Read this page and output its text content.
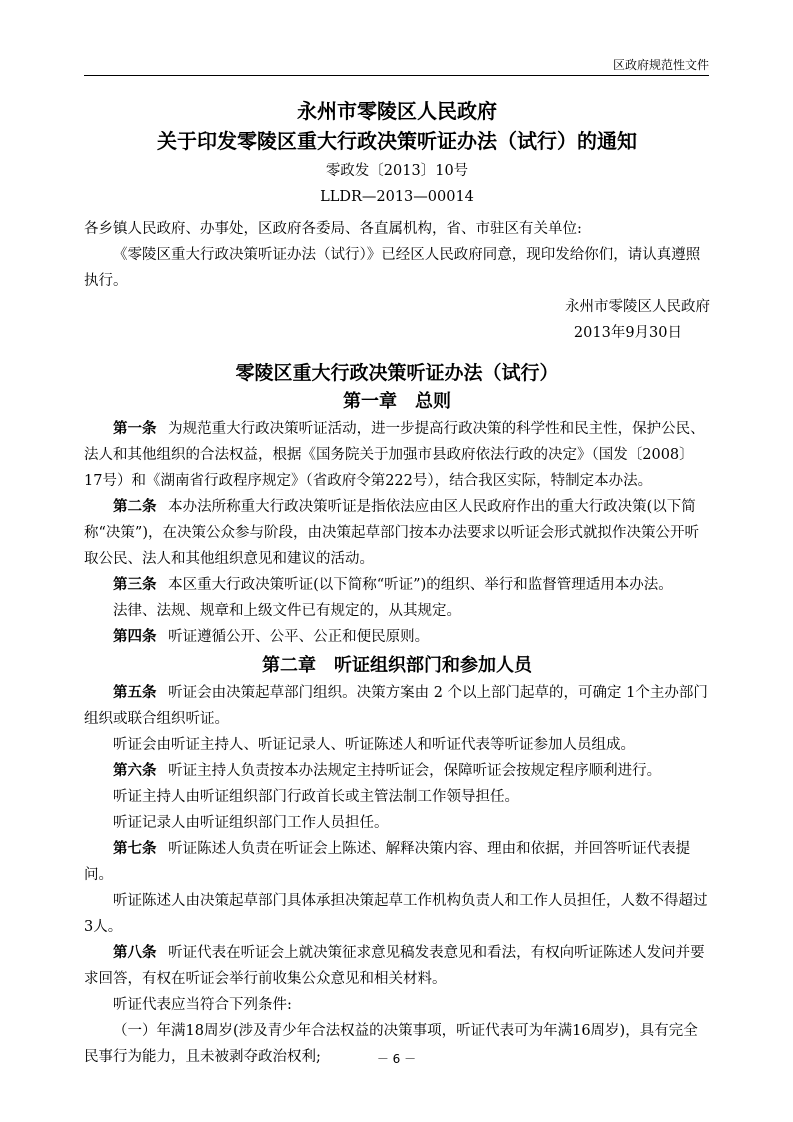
区政府规范性文件
永州市零陵区人民政府
关于印发零陵区重大行政决策听证办法（试行）的通知
零政发〔2013〕10号
LLDR—2013—00014
各乡镇人民政府、办事处，区政府各委局、各直属机构，省、市驻区有关单位:
《零陵区重大行政决策听证办法（试行）》已经区人民政府同意，现印发给你们，请认真遵照执行。
永州市零陵区人民政府
2013年9月30日
零陵区重大行政决策听证办法（试行）
第一章　总则
第一条 为规范重大行政决策听证活动，进一步提高行政决策的科学性和民主性，保护公民、法人和其他组织的合法权益，根据《国务院关于加强市县政府依法行政的决定》（国发〔2008〕17号）和《湖南省行政程序规定》（省政府令第222号），结合我区实际，特制定本办法。
第二条 本办法所称重大行政决策听证是指依法应由区人民政府作出的重大行政决策(以下简称“决策”)，在决策公众参与阶段，由决策起草部门按本办法要求以听证会形式就拟作决策公开听取公民、法人和其他组织意见和建议的活动。
第三条 本区重大行政决策听证(以下简称“听证”)的组织、举行和监督管理适用本办法。
法律、法规、规章和上级文件已有规定的，从其规定。
第四条 听证遵循公开、公平、公正和便民原则。
第二章　听证组织部门和参加人员
第五条 听证会由决策起草部门组织。决策方案由 2 个以上部门起草的，可确定 1个主办部门组织或联合组织听证。
听证会由听证主持人、听证记录人、听证陈述人和听证代表等听证参加人员组成。
第六条 听证主持人负责按本办法规定主持听证会，保障听证会按规定程序顺利进行。
听证主持人由听证组织部门行政首长或主管法制工作领导担任。
听证记录人由听证组织部门工作人员担任。
第七条 听证陈述人负责在听证会上陈述、解释决策内容、理由和依据，并回答听证代表提问。
听证陈述人由决策起草部门具体承担决策起草工作机构负责人和工作人员担任，人数不得超过3人。
第八条 听证代表在听证会上就决策征求意见稿发表意见和看法，有权向听证陈述人发问并要求回答，有权在听证会举行前收集公众意见和相关材料。
听证代表应当符合下列条件:
（一）年满18周岁(涉及青少年合法权益的决策事项，听证代表可为年满16周岁)，具有完全民事行为能力，且未被剥夺政治权利;	－ 6 －
